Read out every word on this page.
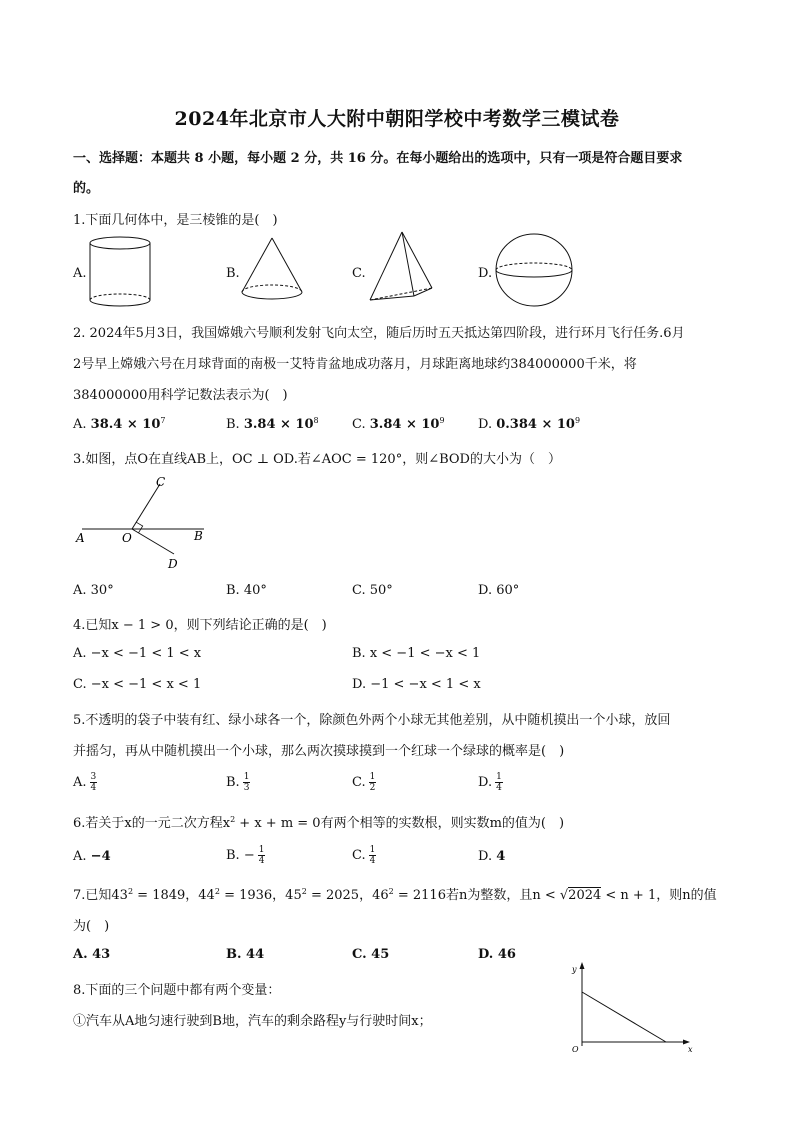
2024年北京市人大附中朝阳学校中考数学三模试卷
一、选择题：本题共 8 小题，每小题 2 分，共 16 分。在每小题给出的选项中，只有一项是符合题目要求
的。
1.下面几何体中，是三棱锥的是(　)
A.	B.	C.	D.
2. 2024年5月3日，我国嫦娥六号顺利发射飞向太空，随后历时五天抵达第四阶段，进行环月飞行任务.6月
2号早上嫦娥六号在月球背面的南极一艾特肯盆地成功落月，月球距离地球约384000000千米，将
384000000用科学记数法表示为(　)
A. $38.4 \times 10^7$	B. $3.84 \times 10^8$	C. $3.84 \times 10^9$	D. $0.384 \times 10^9$
3.如图，点O在直线AB上，OC ⊥ OD.若∠AOC = 120°，则∠BOD的大小为（　）
A	O	B
C
D
A. 30°	B. 40°	C. 50°	D. 60°
4.已知x − 1 > 0，则下列结论正确的是(　)
A. −x < −1 < 1 < x	B. x < −1 < −x < 1
C. −x < −1 < x < 1	D. −1 < −x < 1 < x
5.不透明的袋子中装有红、绿小球各一个，除颜色外两个小球无其他差别，从中随机摸出一个小球，放回
并摇匀，再从中随机摸出一个小球，那么两次摸球摸到一个红球一个绿球的概率是(　)
A. $\frac{3}{4}$	B. $\frac{1}{3}$	C. $\frac{1}{2}$	D. $\frac{1}{4}$
6.若关于x的一元二次方程$x^2 + x + m = 0$有两个相等的实数根，则实数m的值为(　)
A. −4	B. − $\frac{1}{4}$	C. $\frac{1}{4}$	D. 4
7.已知$43^2 = 1849$，$44^2 = 1936$，$45^2 = 2025$，$46^2 = 2116$若n为整数，且n < √2024 < n + 1，则n的值
为(　)
A. 43	B. 44	C. 45	D. 46
8.下面的三个问题中都有两个变量：
①汽车从A地匀速行驶到B地，汽车的剩余路程y与行驶时间x；
y
x
O
